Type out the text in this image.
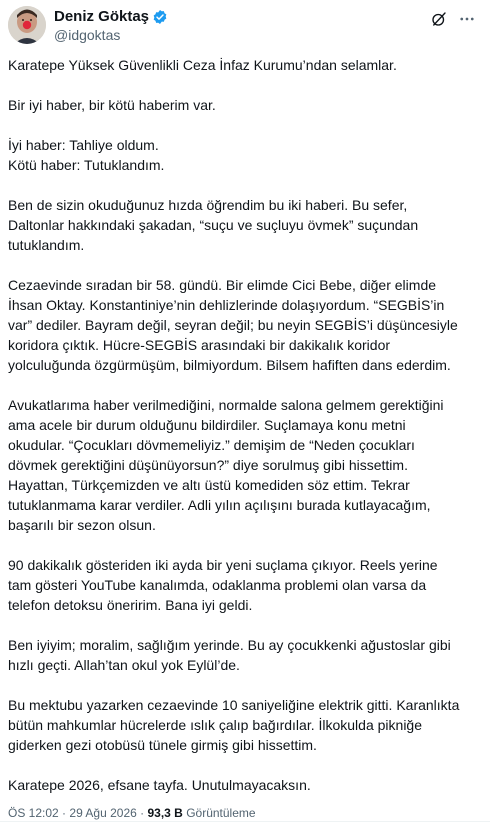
Deniz Göktaş
@idgoktas

Karatepe Yüksek Güvenlikli Ceza İnfaz Kurumu’ndan selamlar.

Bir iyi haber, bir kötü haberim var.

İyi haber: Tahliye oldum.
Kötü haber: Tutuklandım.

Ben de sizin okuduğunuz hızda öğrendim bu iki haberi. Bu sefer,
Daltonlar hakkındaki şakadan, “suçu ve suçluyu övmek” suçundan
tutuklandım.

Cezaevinde sıradan bir 58. gündü. Bir elimde Cici Bebe, diğer elimde
İhsan Oktay. Konstantiniye’nin dehlizlerinde dolaşıyordum. “SEGBİS’in
var” dediler. Bayram değil, seyran değil; bu neyin SEGBİS’i düşüncesiyle
koridora çıktık. Hücre-SEGBİS arasındaki bir dakikalık koridor
yolculuğunda özgürmüşüm, bilmiyordum. Bilsem hafiften dans ederdim.

Avukatlarıma haber verilmediğini, normalde salona gelmem gerektiğini
ama acele bir durum olduğunu bildirdiler. Suçlamaya konu metni
okudular. “Çocukları dövmemeliyiz.” demişim de “Neden çocukları
dövmek gerektiğini düşünüyorsun?” diye sorulmuş gibi hissettim.
Hayattan, Türkçemizden ve altı üstü komediden söz ettim. Tekrar
tutuklanmama karar verdiler. Adli yılın açılışını burada kutlayacağım,
başarılı bir sezon olsun.

90 dakikalık gösteriden iki ayda bir yeni suçlama çıkıyor. Reels yerine
tam gösteri YouTube kanalımda, odaklanma problemi olan varsa da
telefon detoksu öneririm. Bana iyi geldi.

Ben iyiyim; moralim, sağlığım yerinde. Bu ay çocukkenki ağustoslar gibi
hızlı geçti. Allah’tan okul yok Eylül’de.

Bu mektubu yazarken cezaevinde 10 saniyeliğine elektrik gitti. Karanlıkta
bütün mahkumlar hücrelerde ıslık çalıp bağırdılar. İlkokulda pikniğe
giderken gezi otobüsü tünele girmiş gibi hissettim.

Karatepe 2026, efsane tayfa. Unutulmayacaksın.

ÖS 12:02 · 29 Ağu 2026 · 93,3 B Görüntüleme
